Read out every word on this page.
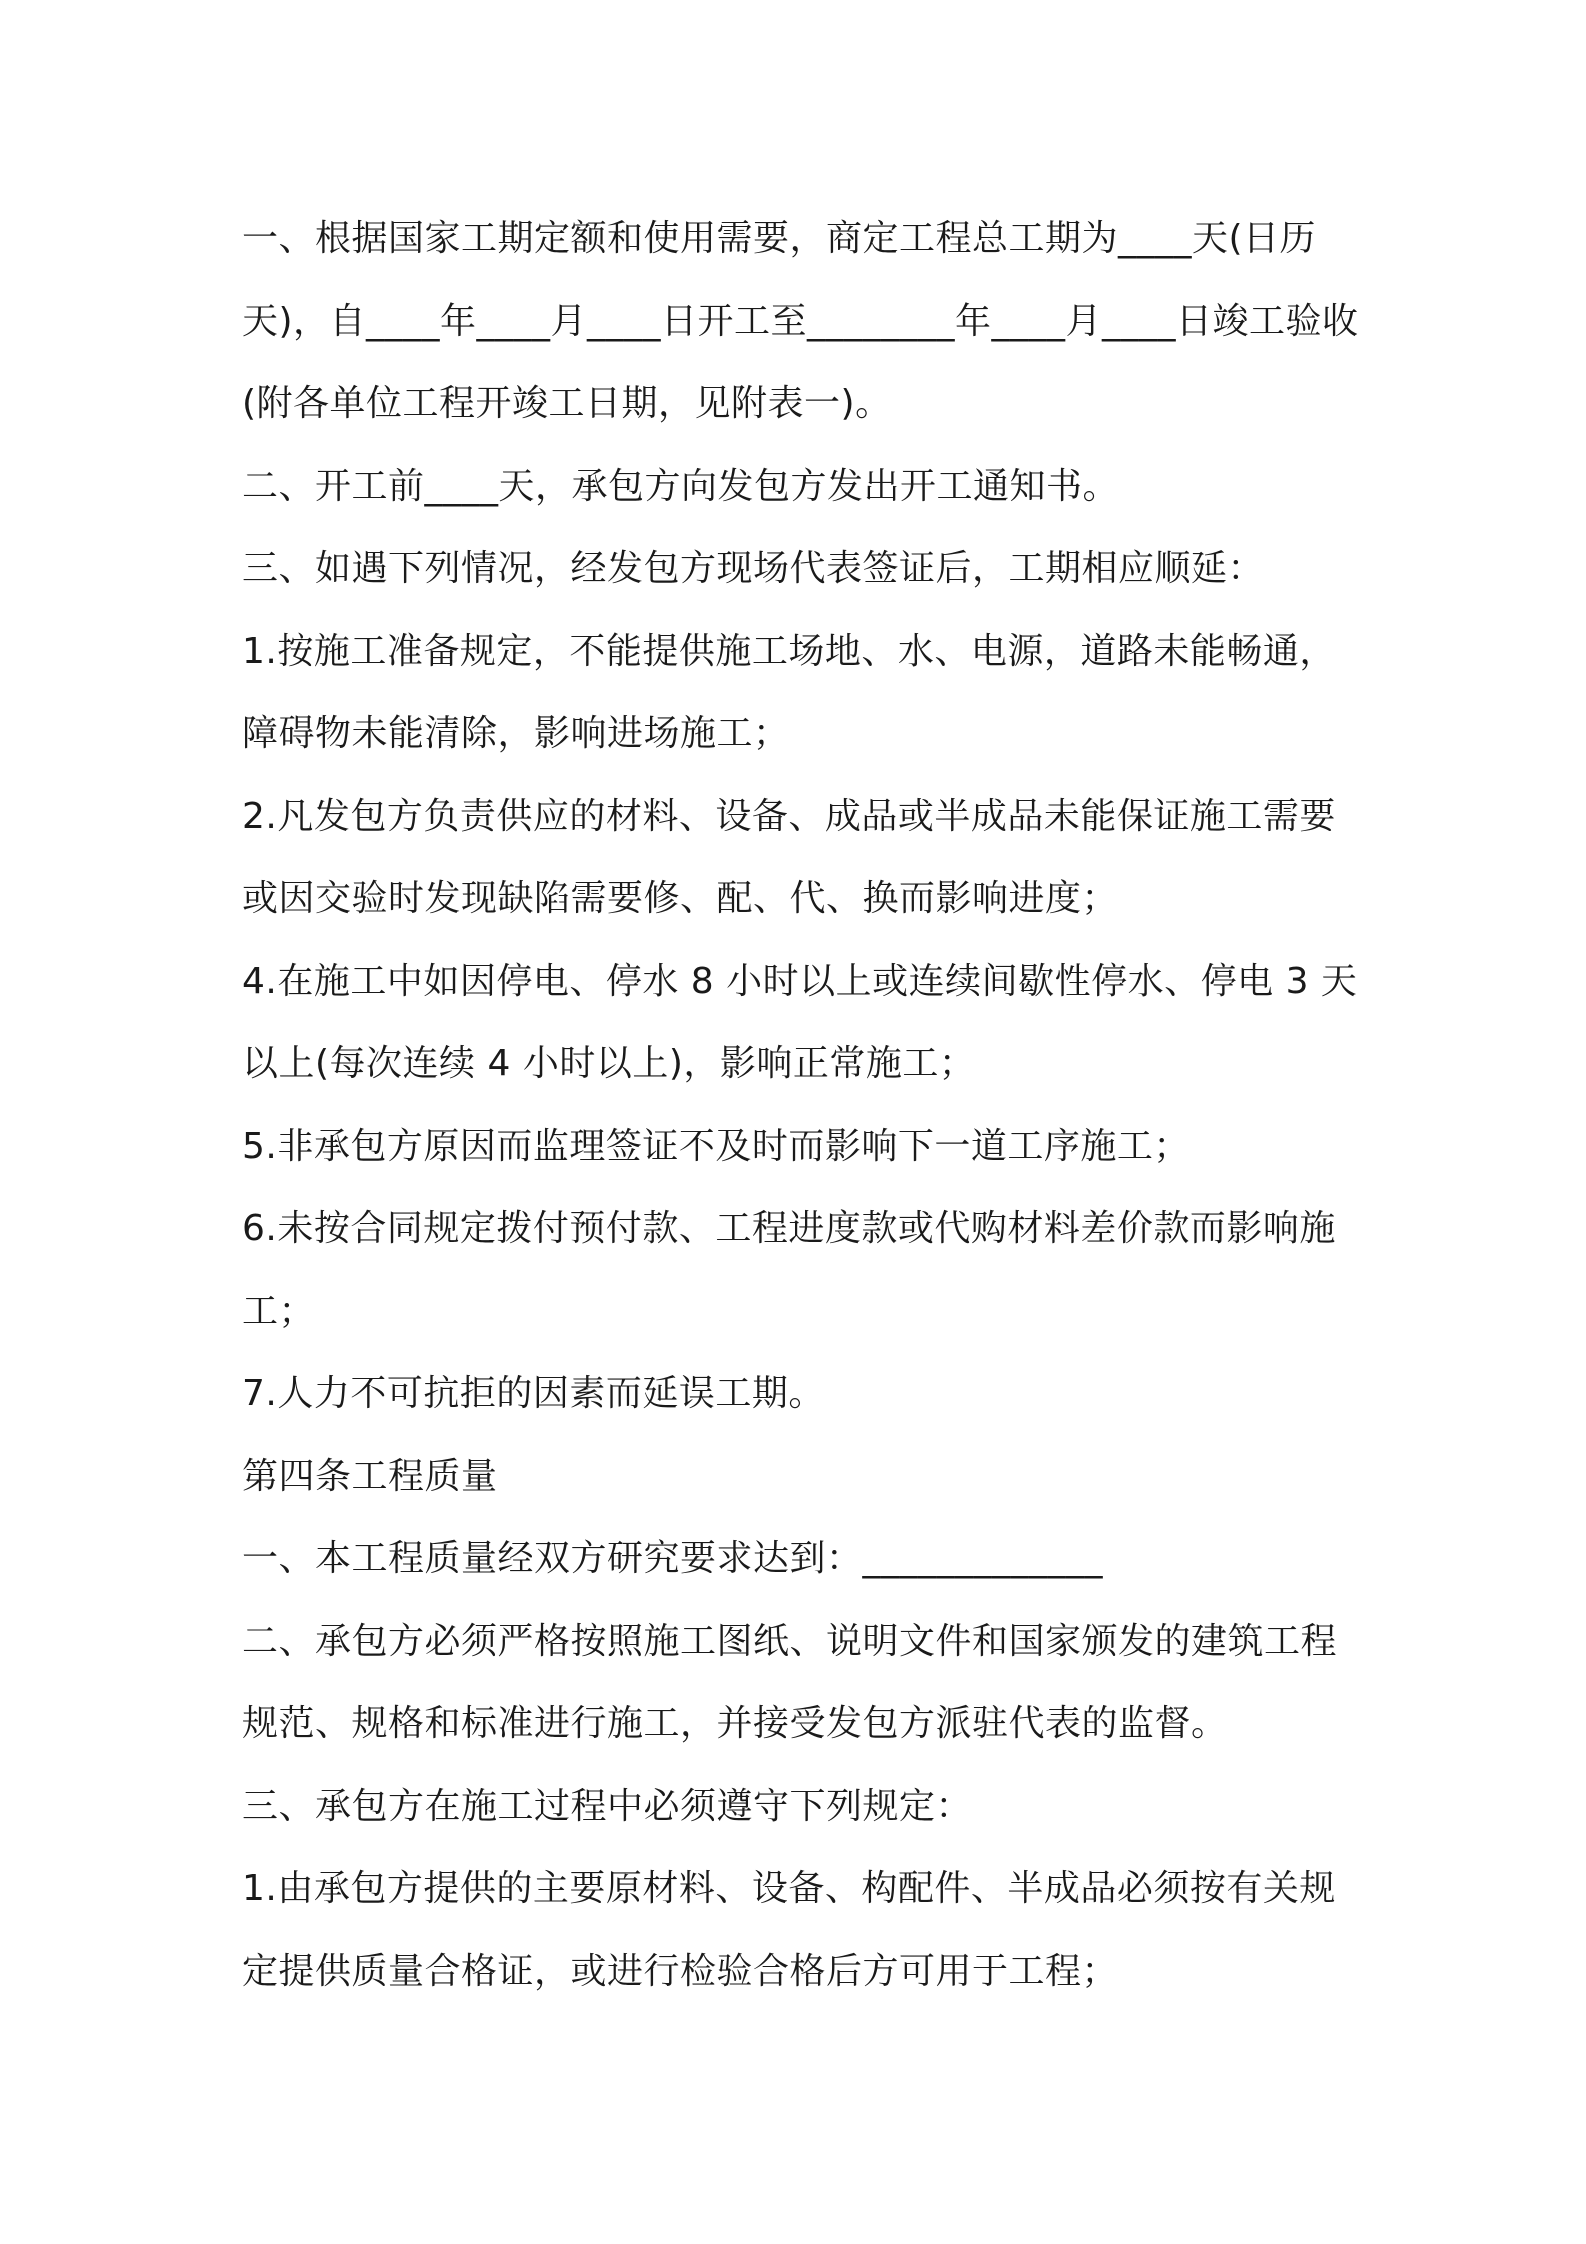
一、根据国家工期定额和使用需要，商定工程总工期为____天(日历天)，自____年____月____日开工至________年____月____日竣工验收(附各单位工程开竣工日期，见附表一)。

二、开工前____天，承包方向发包方发出开工通知书。

三、如遇下列情况，经发包方现场代表签证后，工期相应顺延：

1.按施工准备规定，不能提供施工场地、水、电源，道路未能畅通，障碍物未能清除，影响进场施工；

2.凡发包方负责供应的材料、设备、成品或半成品未能保证施工需要或因交验时发现缺陷需要修、配、代、换而影响进度；

4.在施工中如因停电、停水 8 小时以上或连续间歇性停水、停电 3 天以上(每次连续 4 小时以上)，影响正常施工；

5.非承包方原因而监理签证不及时而影响下一道工序施工；

6.未按合同规定拨付预付款、工程进度款或代购材料差价款而影响施工；

7.人力不可抗拒的因素而延误工期。

第四条工程质量

一、本工程质量经双方研究要求达到：_____________

二、承包方必须严格按照施工图纸、说明文件和国家颁发的建筑工程规范、规格和标准进行施工，并接受发包方派驻代表的监督。

三、承包方在施工过程中必须遵守下列规定：

1.由承包方提供的主要原材料、设备、构配件、半成品必须按有关规定提供质量合格证，或进行检验合格后方可用于工程；
